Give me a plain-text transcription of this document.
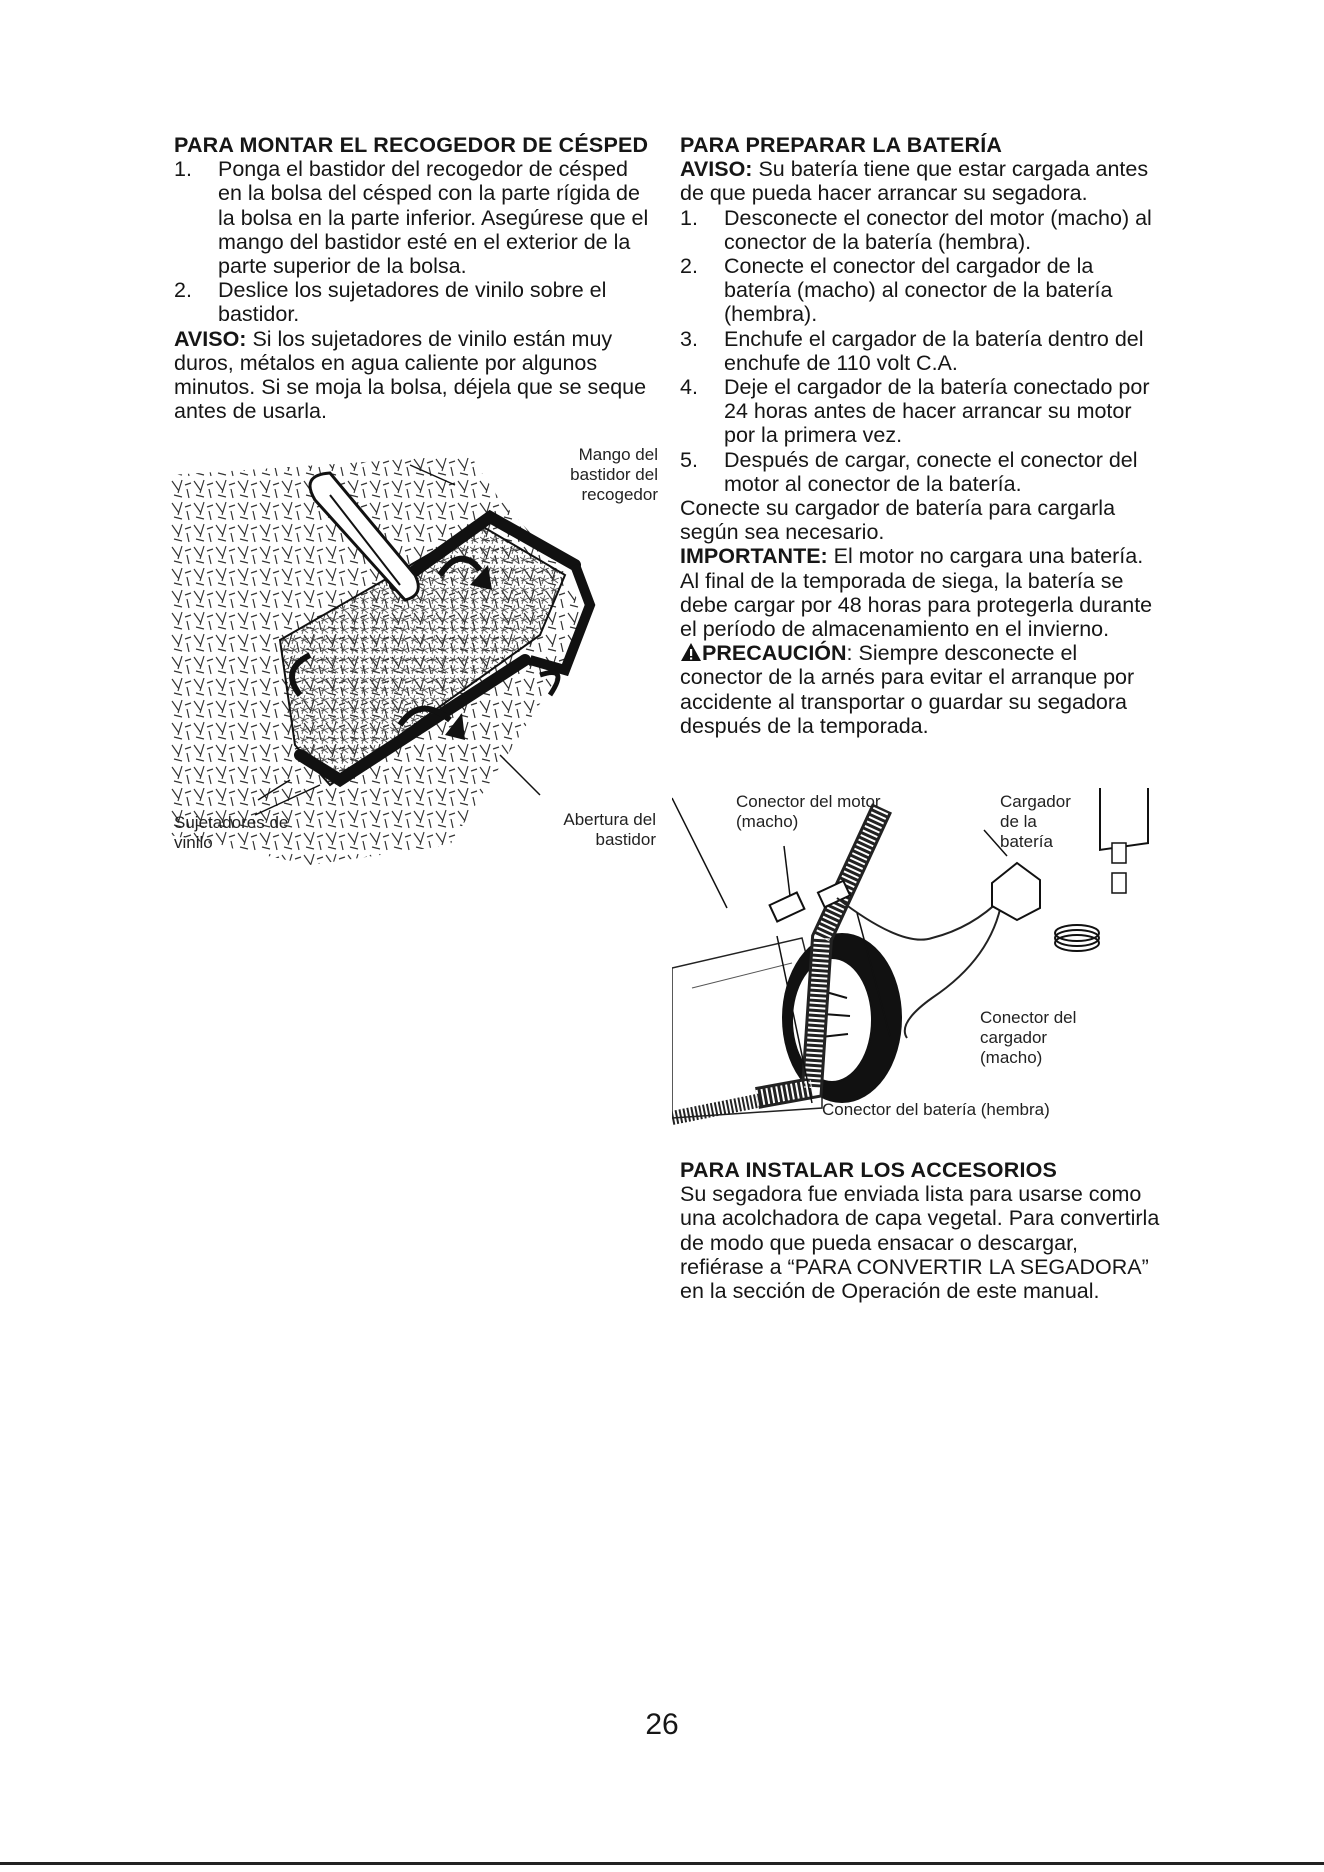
PARA MONTAR EL RECOGEDOR DE CÉSPED
1. Ponga el bastidor del recogedor de césped en la bolsa del césped con la parte rígida de la bolsa en la parte inferior. Asegúrese que el mango del bastidor esté en el exterior de la parte superior de la bolsa.
2. Deslice los sujetadores de vinilo sobre el bastidor.

AVISO: Si los sujetadores de vinilo están muy duros, métalos en agua caliente por algunos minutos. Si se moja la bolsa, déjela que se seque antes de usarla.

Mango del bastidor del recogedor
Sujetadores de vinilo
Abertura del bastidor
PARA PREPARAR LA BATERÍA

AVISO: Su batería tiene que estar cargada antes de que pueda hacer arrancar su segadora.

1. Desconecte el conector del motor (macho) al conector de la batería (hembra).
2. Conecte el conector del cargador de la batería (macho) al conector de la batería (hembra).
3. Enchufe el cargador de la batería dentro del enchufe de 110 volt C.A.
4. Deje el cargador de la batería conectado por 24 horas antes de hacer arrancar su motor por la primera vez.
5. Después de cargar, conecte el conector del motor al conector de la batería.

Conecte su cargador de batería para cargarla según sea necesario.

IMPORTANTE: El motor no cargara una batería.

Al final de la temporada de siega, la batería se debe cargar por 48 horas para protegerla durante el período de almacenamiento en el invierno.

PRECAUCIÓN: Siempre desconecte el conector de la arnés para evitar el arranque por accidente al transportar o guardar su segadora después de la temporada.

Conector del motor (macho)
Cargador de la batería
Conector del cargador (macho)
Conector del batería (hembra)
PARA INSTALAR LOS ACCESORIOS

Su segadora fue enviada lista para usarse como una acolchadora de capa vegetal. Para convertirla de modo que pueda ensacar o descargar, refiérase a “PARA CONVERTIR LA SEGADORA” en la sección de Operación de este manual.

26
